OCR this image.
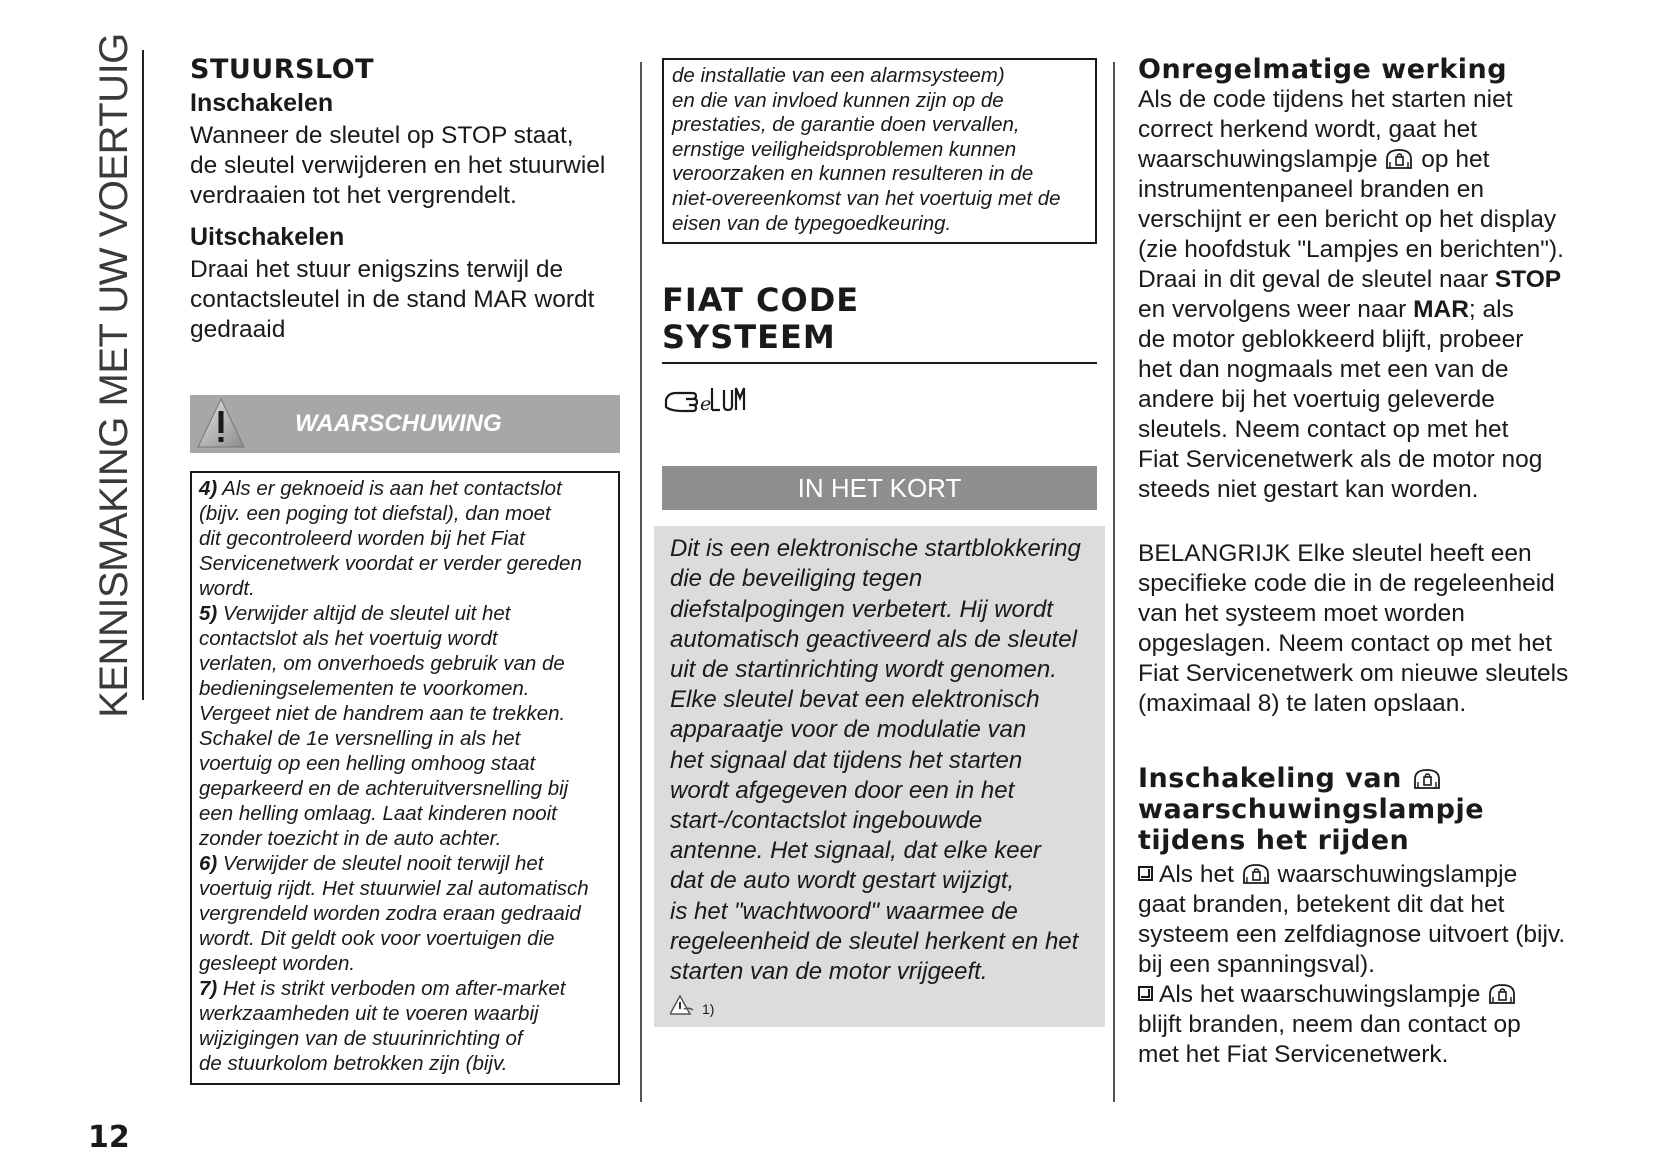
KENNISMAKING MET UW VOERTUIG
12
STUURSLOT
Inschakelen

Wanneer de sleutel op STOP staat,
de sleutel verwijderen en het stuurwiel
verdraaien tot het vergrendelt.

Uitschakelen

Draai het stuur enigszins terwijl de
contactsleutel in de stand MAR wordt
gedraaid

WAARSCHUWING

4) Als er geknoeid is aan het contactslot
(bijv. een poging tot diefstal), dan moet
dit gecontroleerd worden bij het Fiat
Servicenetwerk voordat er verder gereden
wordt.

5) Verwijder altijd de sleutel uit het
contactslot als het voertuig wordt
verlaten, om onverhoeds gebruik van de
bedieningselementen te voorkomen.
Vergeet niet de handrem aan te trekken.
Schakel de 1e versnelling in als het
voertuig op een helling omhoog staat
geparkeerd en de achteruitversnelling bij
een helling omlaag. Laat kinderen nooit
zonder toezicht in de auto achter.

6) Verwijder de sleutel nooit terwijl het
voertuig rijdt. Het stuurwiel zal automatisch
vergrendeld worden zodra eraan gedraaid
wordt. Dit geldt ook voor voertuigen die
gesleept worden.

7) Het is strikt verboden om after-market
werkzaamheden uit te voeren waarbij
wijzigingen van de stuurinrichting of
de stuurkolom betrokken zijn (bijv.

de installatie van een alarmsysteem)
en die van invloed kunnen zijn op de
prestaties, de garantie doen vervallen,
ernstige veiligheidsproblemen kunnen
veroorzaken en kunnen resulteren in de
niet-overeenkomst van het voertuig met de
eisen van de typegoedkeuring.

FIAT CODE
SYSTEEM
e
IN HET KORT

Dit is een elektronische startblokkering
die de beveiliging tegen
diefstalpogingen verbetert. Hij wordt
automatisch geactiveerd als de sleutel
uit de startinrichting wordt genomen.
Elke sleutel bevat een elektronisch
apparaatje voor de modulatie van
het signaal dat tijdens het starten
wordt afgegeven door een in het
start-/contactslot ingebouwde
antenne. Het signaal, dat elke keer
dat de auto wordt gestart wijzigt,
is het "wachtwoord" waarmee de
regeleenheid de sleutel herkent en het
starten van de motor vrijgeeft.

1)
Onregelmatige werking

Als de code tijdens het starten niet
correct herkend wordt, gaat het
waarschuwingslampje  op het
instrumentenpaneel branden en
verschijnt er een bericht op het display
(zie hoofdstuk "Lampjes en berichten").
Draai in dit geval de sleutel naar STOP
en vervolgens weer naar MAR; als
de motor geblokkeerd blijft, probeer
het dan nogmaals met een van de
andere bij het voertuig geleverde
sleutels. Neem contact op met het
Fiat Servicenetwerk als de motor nog
steeds niet gestart kan worden.

BELANGRIJK Elke sleutel heeft een
specifieke code die in de regeleenheid
van het systeem moet worden
opgeslagen. Neem contact op met het
Fiat Servicenetwerk om nieuwe sleutels
(maximaal 8) te laten opslaan.

Inschakeling van
waarschuwingslampje
tijdens het rijden

Als het  waarschuwingslampje
gaat branden, betekent dit dat het
systeem een zelfdiagnose uitvoert (bijv.
bij een spanningsval).

Als het waarschuwingslampje
blijft branden, neem dan contact op
met het Fiat Servicenetwerk.
